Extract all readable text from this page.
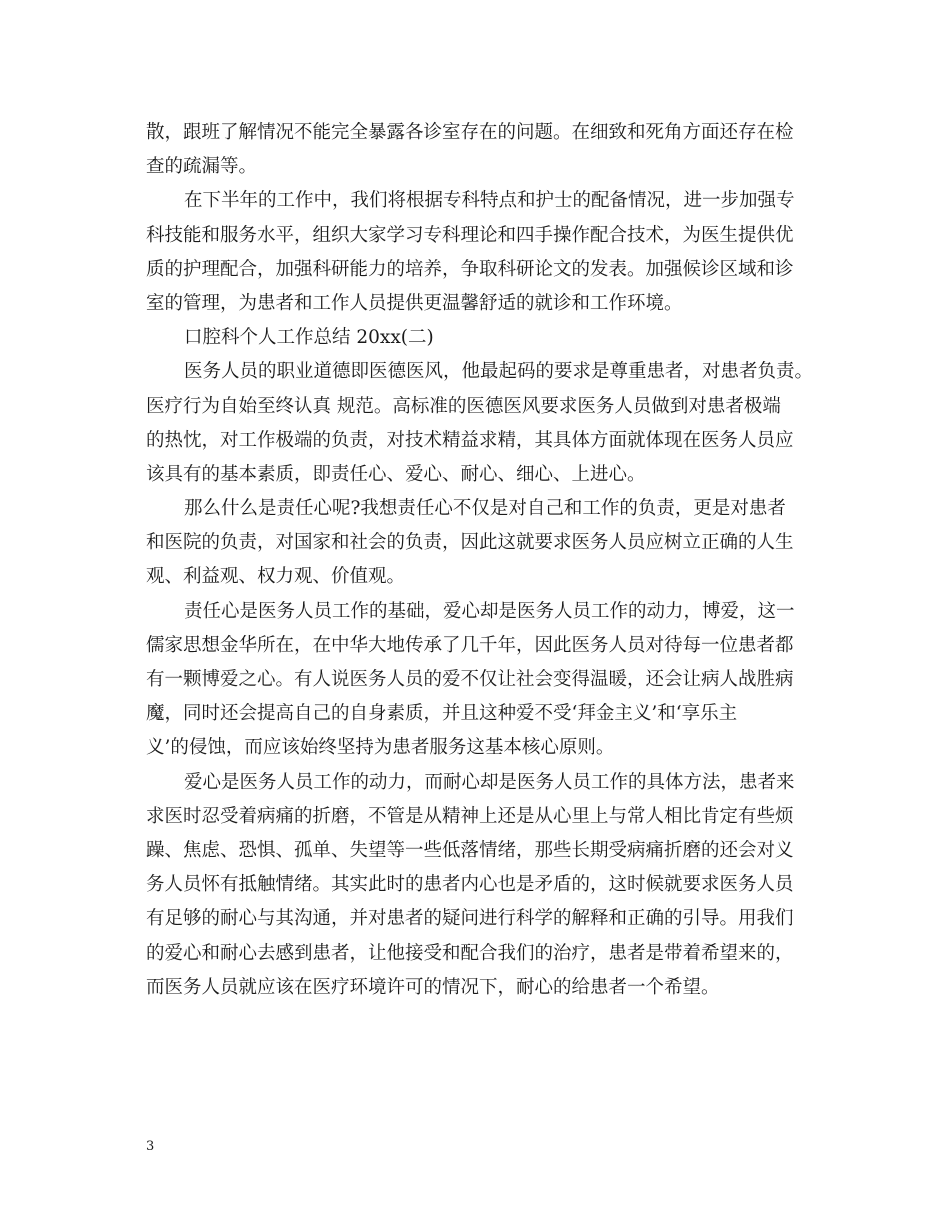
散，跟班了解情况不能完全暴露各诊室存在的问题。在细致和死角方面还存在检
查的疏漏等。
在下半年的工作中，我们将根据专科特点和护士的配备情况，进一步加强专
科技能和服务水平，组织大家学习专科理论和四手操作配合技术，为医生提供优
质的护理配合，加强科研能力的培养，争取科研论文的发表。加强候诊区域和诊
室的管理，为患者和工作人员提供更温馨舒适的就诊和工作环境。
口腔科个人工作总结 20xx(二)
医务人员的职业道德即医德医风，他最起码的要求是尊重患者，对患者负责。
医疗行为自始至终认真 规范。高标准的医德医风要求医务人员做到对患者极端
的热忱，对工作极端的负责，对技术精益求精，其具体方面就体现在医务人员应
该具有的基本素质，即责任心、爱心、耐心、细心、上进心。
那么什么是责任心呢?我想责任心不仅是对自己和工作的负责，更是对患者
和医院的负责，对国家和社会的负责，因此这就要求医务人员应树立正确的人生
观、利益观、权力观、价值观。
责任心是医务人员工作的基础，爱心却是医务人员工作的动力，博爱，这一
儒家思想金华所在，在中华大地传承了几千年，因此医务人员对待每一位患者都
有一颗博爱之心。有人说医务人员的爱不仅让社会变得温暖，还会让病人战胜病
魔，同时还会提高自己的自身素质，并且这种爱不受‘拜金主义’和‘享乐主
义’的侵蚀，而应该始终坚持为患者服务这基本核心原则。
爱心是医务人员工作的动力，而耐心却是医务人员工作的具体方法，患者来
求医时忍受着病痛的折磨，不管是从精神上还是从心里上与常人相比肯定有些烦
躁、焦虑、恐惧、孤单、失望等一些低落情绪，那些长期受病痛折磨的还会对义
务人员怀有抵触情绪。其实此时的患者内心也是矛盾的，这时候就要求医务人员
有足够的耐心与其沟通，并对患者的疑问进行科学的解释和正确的引导。用我们
的爱心和耐心去感到患者，让他接受和配合我们的治疗，患者是带着希望来的，
而医务人员就应该在医疗环境许可的情况下，耐心的给患者一个希望。
3
